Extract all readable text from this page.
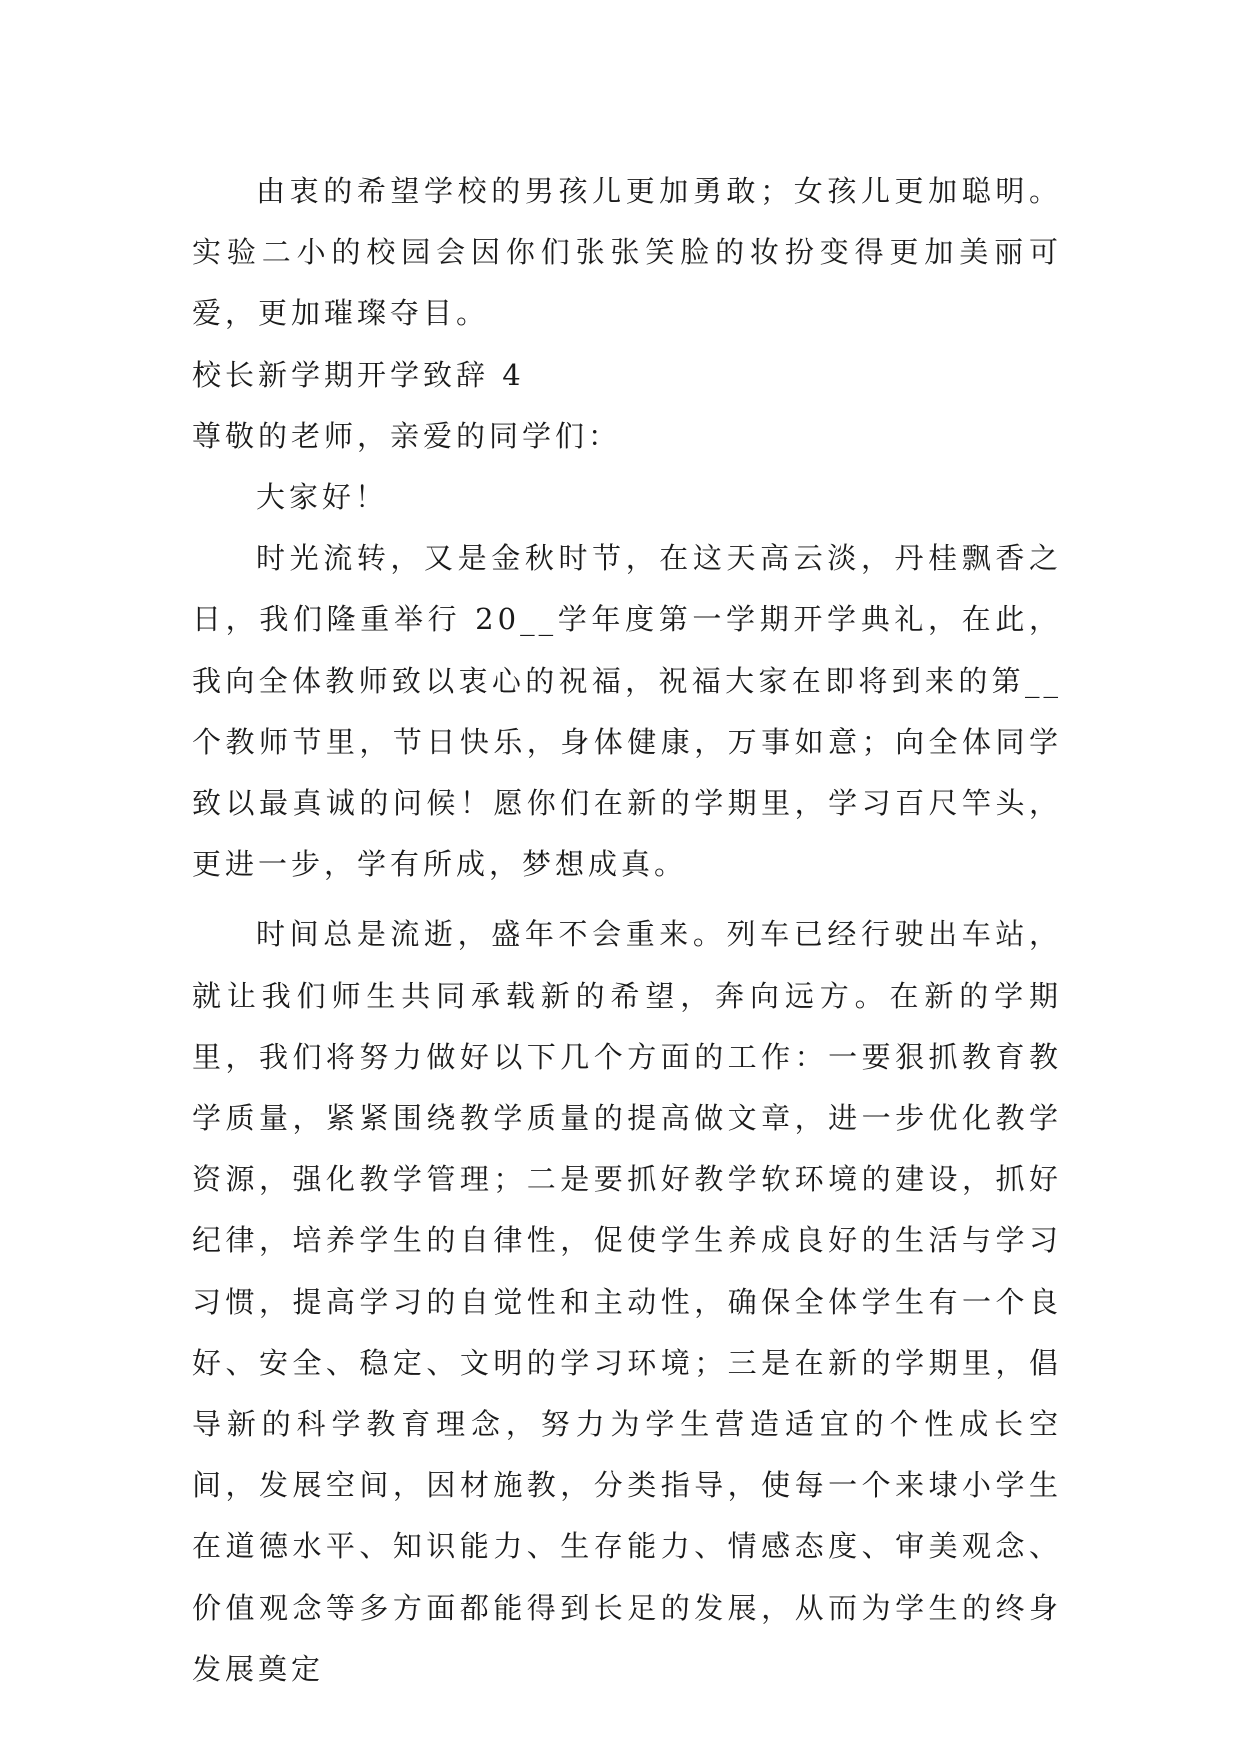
由衷的希望学校的男孩儿更加勇敢；女孩儿更加聪明。实验二小的校园会因你们张张笑脸的妆扮变得更加美丽可爱，更加璀璨夺目。

校长新学期开学致辞 4

尊敬的老师，亲爱的同学们：

大家好！

时光流转，又是金秋时节，在这天高云淡，丹桂飘香之日，我们隆重举行 20__学年度第一学期开学典礼，在此，我向全体教师致以衷心的祝福，祝福大家在即将到来的第__个教师节里，节日快乐，身体健康，万事如意；向全体同学致以最真诚的问候！愿你们在新的学期里，学习百尺竿头，更进一步，学有所成，梦想成真。

时间总是流逝，盛年不会重来。列车已经行驶出车站，就让我们师生共同承载新的希望，奔向远方。在新的学期里，我们将努力做好以下几个方面的工作：一要狠抓教育教学质量，紧紧围绕教学质量的提高做文章，进一步优化教学资源，强化教学管理；二是要抓好教学软环境的建设，抓好纪律，培养学生的自律性，促使学生养成良好的生活与学习习惯，提高学习的自觉性和主动性，确保全体学生有一个良好、安全、稳定、文明的学习环境；三是在新的学期里，倡导新的科学教育理念，努力为学生营造适宜的个性成长空间，发展空间，因材施教，分类指导，使每一个来埭小学生在道德水平、知识能力、生存能力、情感态度、审美观念、价值观念等多方面都能得到长足的发展，从而为学生的终身发展奠定
